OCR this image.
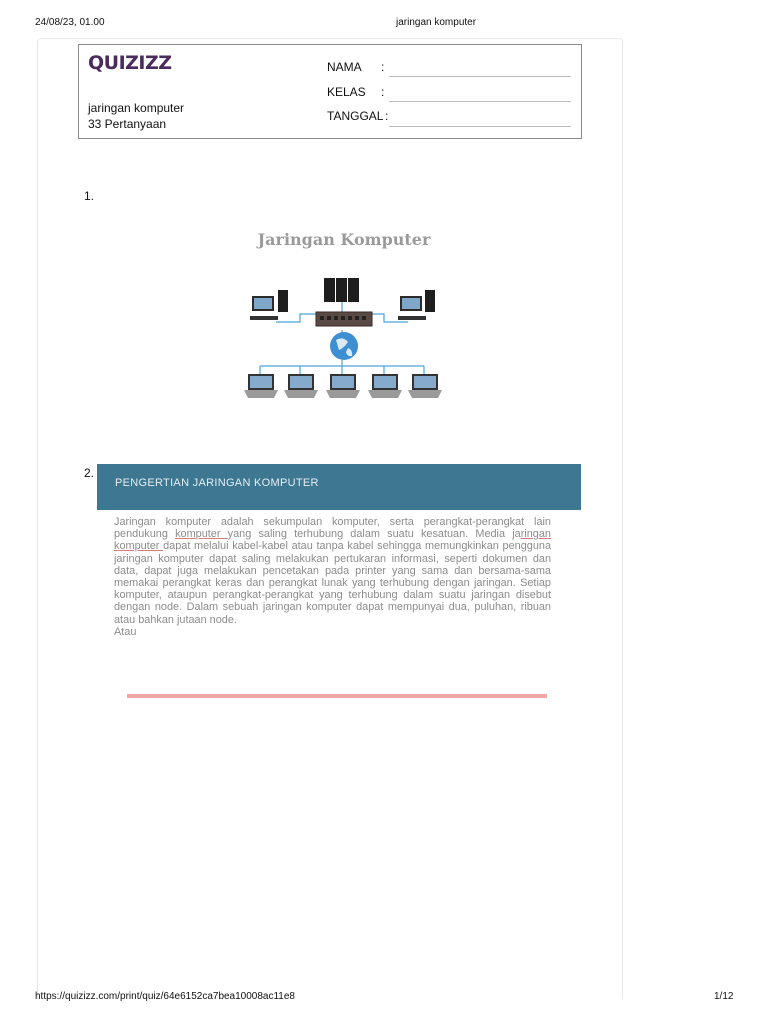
24/08/23, 01.00	jaringan komputer
QUIZIZZ
jaringan komputer
33 Pertanyaan
NAMA :
KELAS :
TANGGAL :
1.
Jaringan Komputer
2.
PENGERTIAN JARINGAN KOMPUTER
Jaringan komputer adalah sekumpulan komputer, serta perangkat-perangkat lain pendukung komputer yang saling terhubung dalam suatu kesatuan. Media jaringan komputer dapat melalui kabel-kabel atau tanpa kabel sehingga memungkinkan pengguna jaringan komputer dapat saling melakukan pertukaran informasi, seperti dokumen dan data, dapat juga melakukan pencetakan pada printer yang sama dan bersama-sama memakai perangkat keras dan perangkat lunak yang terhubung dengan jaringan. Setiap komputer, ataupun perangkat-perangkat yang terhubung dalam suatu jaringan disebut dengan node. Dalam sebuah jaringan komputer dapat mempunyai dua, puluhan, ribuan atau bahkan jutaan node.
Atau
https://quizizz.com/print/quiz/64e6152ca7bea10008ac11e8	1/12
